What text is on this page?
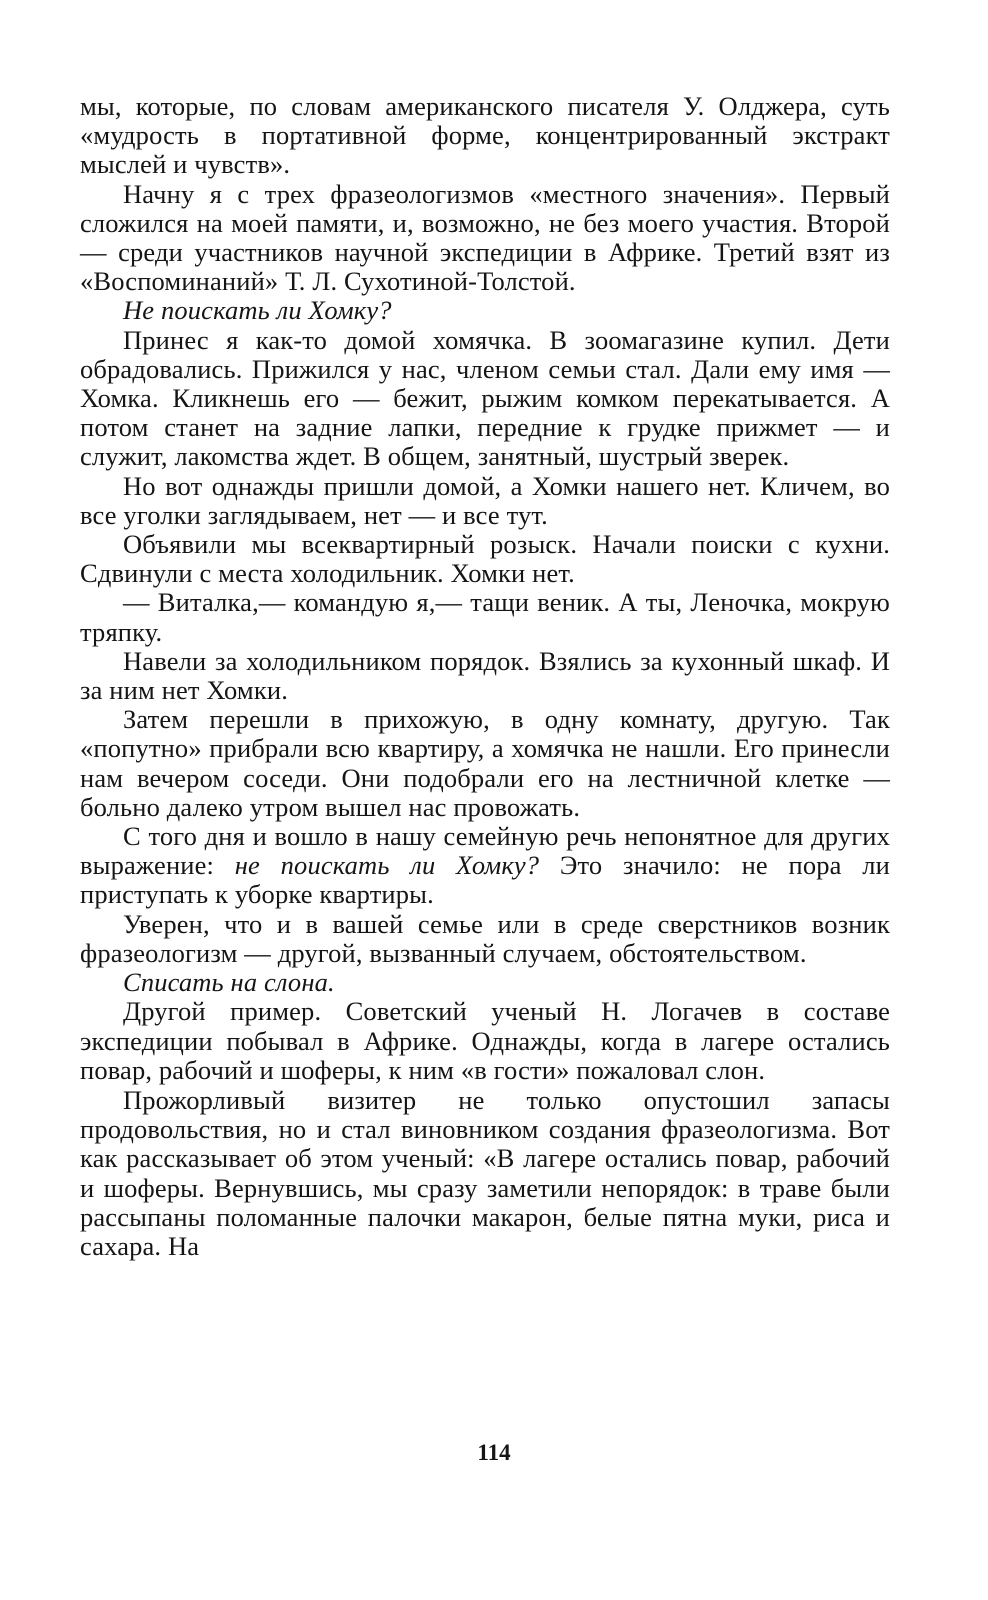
мы, которые, по словам американского писателя У. Олджера, суть «мудрость в портативной форме, концентрированный экстракт мыслей и чувств».

Начну я с трех фразеологизмов «местного значения». Первый сложился на моей памяти, и, возможно, не без моего участия. Второй — среди участников научной экспедиции в Африке. Третий взят из «Воспоминаний» Т. Л. Сухотиной-Толстой.

Не поискать ли Хомку?

Принес я как-то домой хомячка. В зоомагазине купил. Дети обрадовались. Прижился у нас, членом семьи стал. Дали ему имя — Хомка. Кликнешь его — бежит, рыжим комком перекатывается. А потом станет на задние лапки, передние к грудке прижмет — и служит, лакомства ждет. В общем, занятный, шустрый зверек.

Но вот однажды пришли домой, а Хомки нашего нет. Кличем, во все уголки заглядываем, нет — и все тут.

Объявили мы всеквартирный розыск. Начали поиски с кухни. Сдвинули с места холодильник. Хомки нет.

— Виталка,— командую я,— тащи веник. А ты, Леночка, мокрую тряпку.

Навели за холодильником порядок. Взялись за кухонный шкаф. И за ним нет Хомки.

Затем перешли в прихожую, в одну комнату, другую. Так «попутно» прибрали всю квартиру, а хомячка не нашли. Его принесли нам вечером соседи. Они подобрали его на лестничной клетке — больно далеко утром вышел нас провожать.

С того дня и вошло в нашу семейную речь непонятное для других выражение: не поискать ли Хомку? Это значило: не пора ли приступать к уборке квартиры.

Уверен, что и в вашей семье или в среде сверстников возник фразеологизм — другой, вызванный случаем, обстоятельством.

Списать на слона.

Другой пример. Советский ученый Н. Логачев в составе экспедиции побывал в Африке. Однажды, когда в лагере остались повар, рабочий и шоферы, к ним «в гости» пожаловал слон.

Прожорливый визитер не только опустошил запасы продовольствия, но и стал виновником создания фразеологизма. Вот как рассказывает об этом ученый: «В лагере остались повар, рабочий и шоферы. Вернувшись, мы сразу заметили непорядок: в траве были рассыпаны поломанные палочки макарон, белые пятна муки, риса и сахара. На

114
